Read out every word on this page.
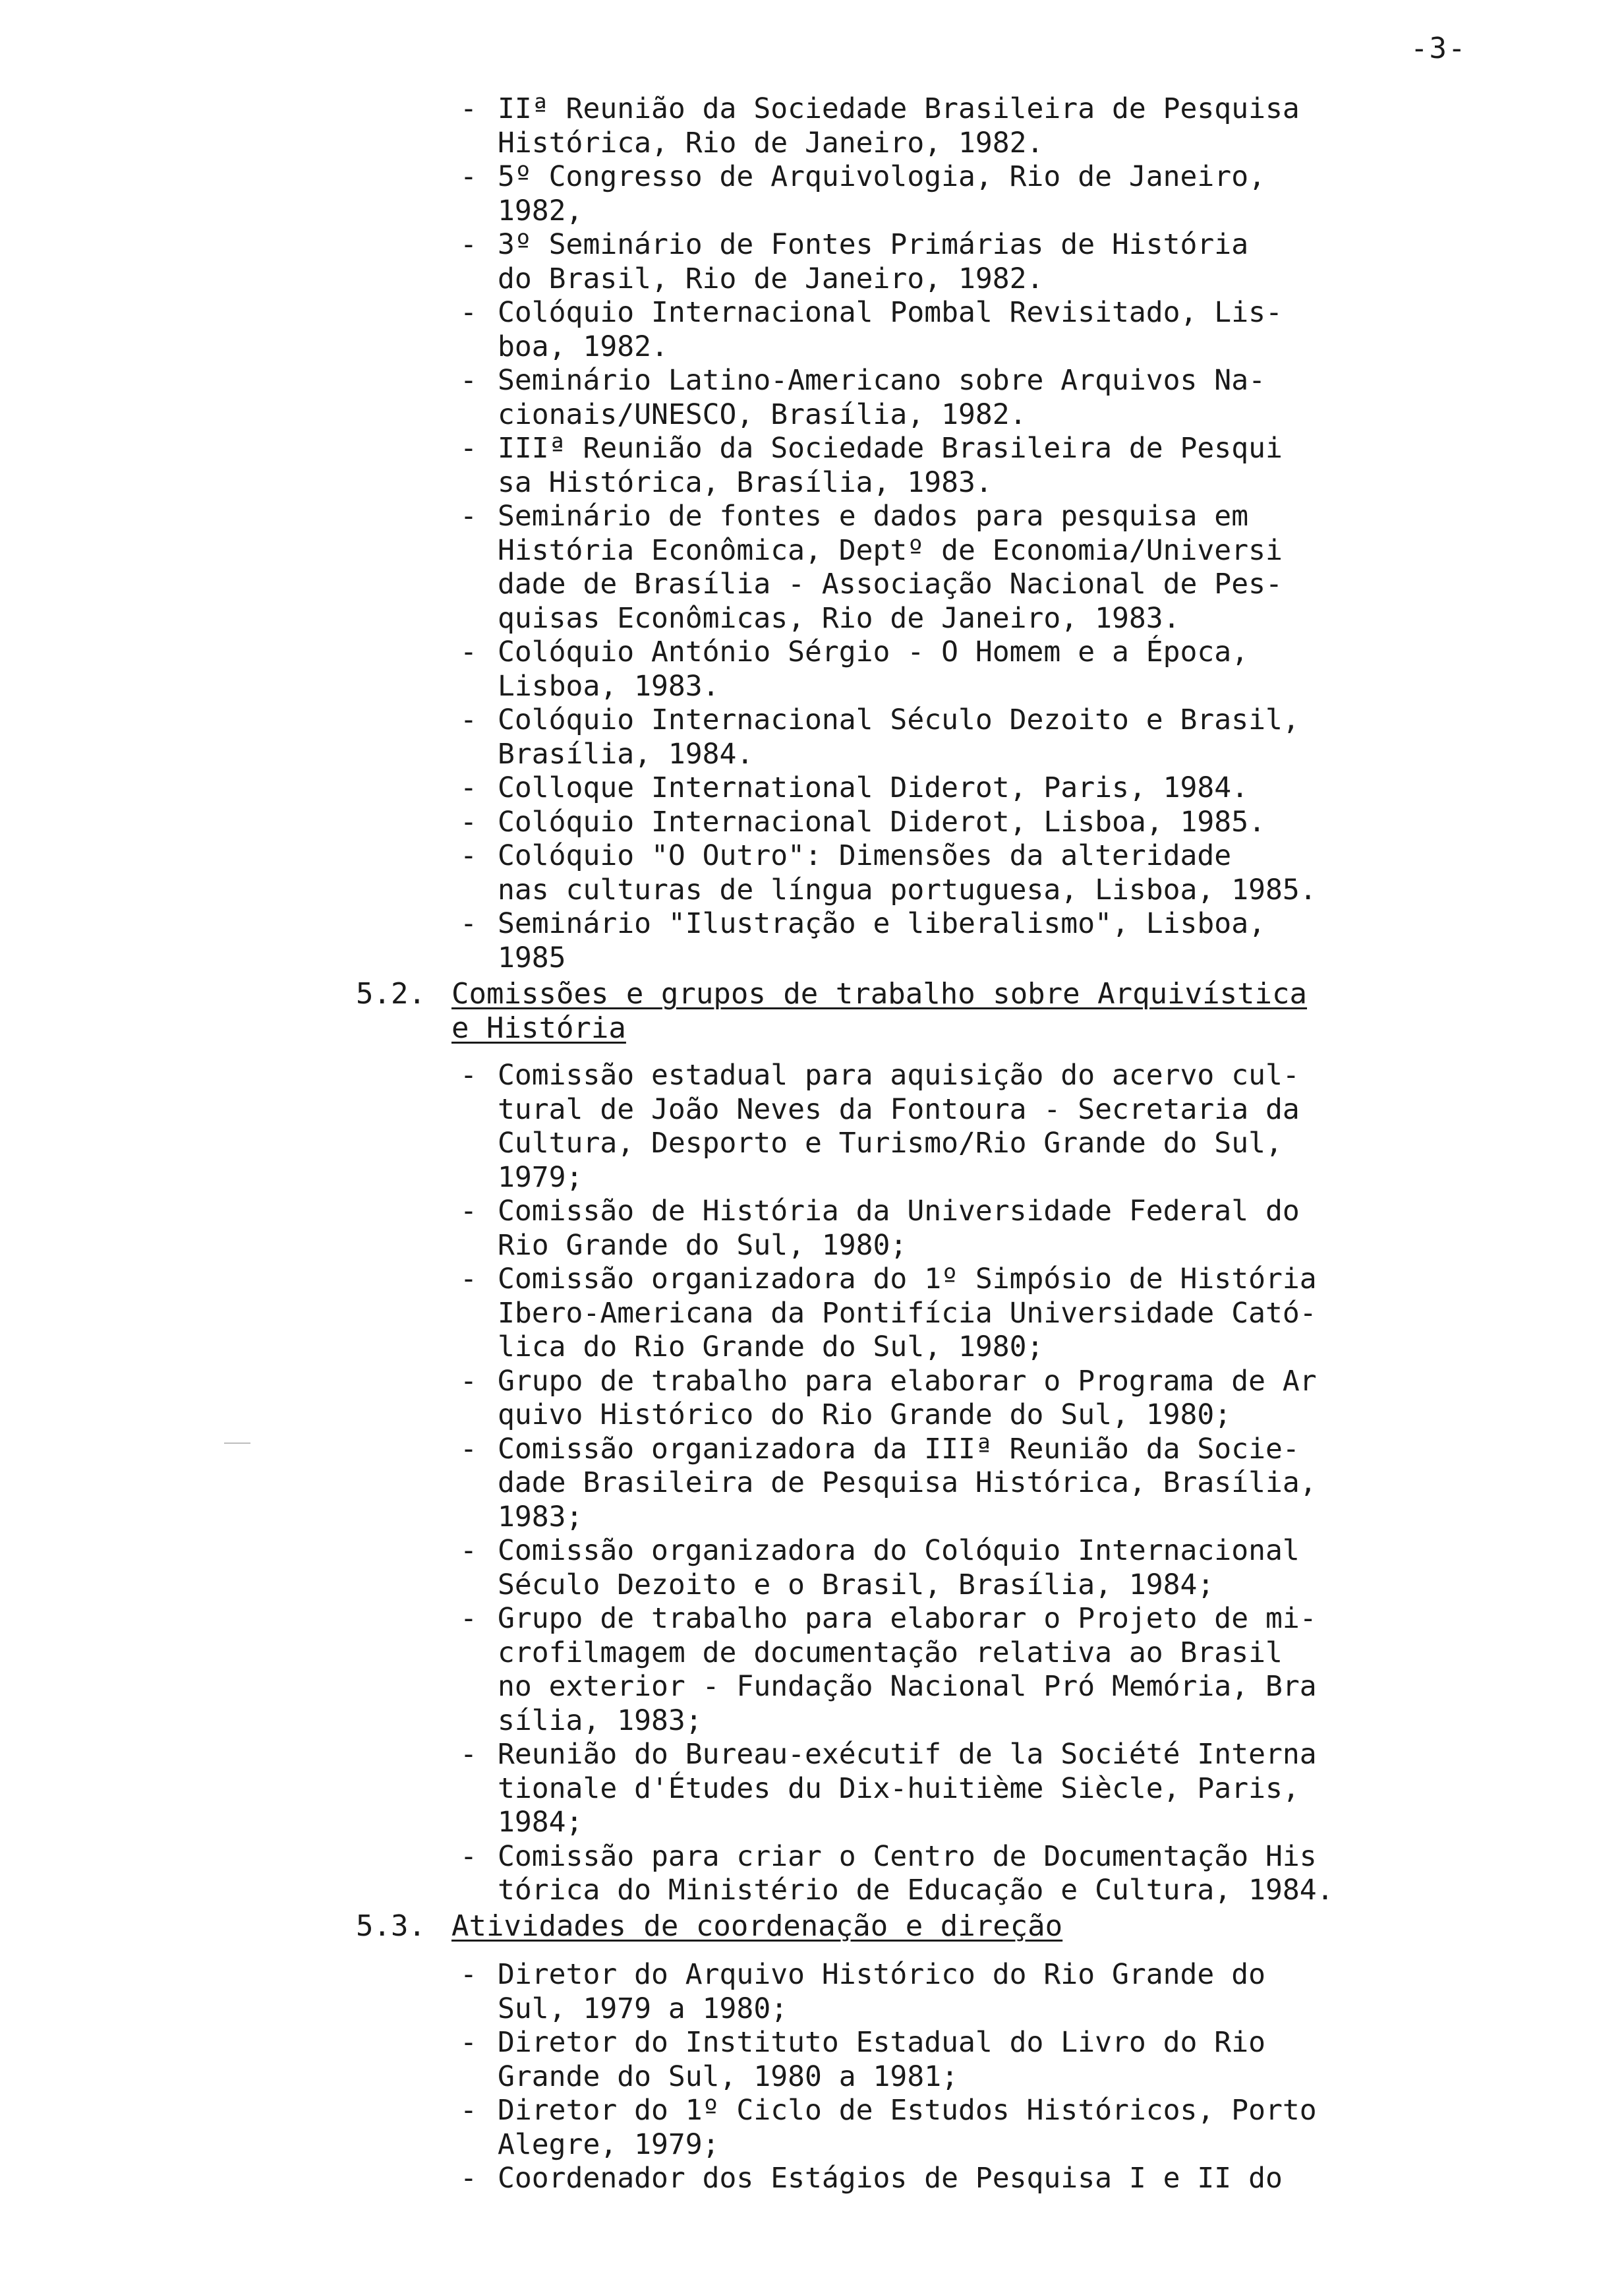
-3-
- IIª Reunião da Sociedade Brasileira de Pesquisa
Histórica, Rio de Janeiro, 1982.
- 5º Congresso de Arquivologia, Rio de Janeiro,
1982,
- 3º Seminário de Fontes Primárias de História
do Brasil, Rio de Janeiro, 1982.
- Colóquio Internacional Pombal Revisitado, Lis-
boa, 1982.
- Seminário Latino-Americano sobre Arquivos Na-
cionais/UNESCO, Brasília, 1982.
- IIIª Reunião da Sociedade Brasileira de Pesqui
sa Histórica, Brasília, 1983.
- Seminário de fontes e dados para pesquisa em
História Econômica, Deptº de Economia/Universi
dade de Brasília - Associação Nacional de Pes-
quisas Econômicas, Rio de Janeiro, 1983.
- Colóquio António Sérgio - O Homem e a Época,
Lisboa, 1983.
- Colóquio Internacional Século Dezoito e Brasil,
Brasília, 1984.
- Colloque International Diderot, Paris, 1984.
- Colóquio Internacional Diderot, Lisboa, 1985.
- Colóquio "O Outro": Dimensões da alteridade
nas culturas de língua portuguesa, Lisboa, 1985.
- Seminário "Ilustração e liberalismo", Lisboa,
1985
5.2. Comissões e grupos de trabalho sobre Arquivística
e História
- Comissão estadual para aquisição do acervo cul-
tural de João Neves da Fontoura - Secretaria da
Cultura, Desporto e Turismo/Rio Grande do Sul,
1979;
- Comissão de História da Universidade Federal do
Rio Grande do Sul, 1980;
- Comissão organizadora do 1º Simpósio de História
Ibero-Americana da Pontifícia Universidade Cató-
lica do Rio Grande do Sul, 1980;
- Grupo de trabalho para elaborar o Programa de Ar
quivo Histórico do Rio Grande do Sul, 1980;
- Comissão organizadora da IIIª Reunião da Socie-
dade Brasileira de Pesquisa Histórica, Brasília,
1983;
- Comissão organizadora do Colóquio Internacional
Século Dezoito e o Brasil, Brasília, 1984;
- Grupo de trabalho para elaborar o Projeto de mi-
crofilmagem de documentação relativa ao Brasil
no exterior - Fundação Nacional Pró Memória, Bra
sília, 1983;
- Reunião do Bureau-exécutif de la Société Interna
tionale d'Études du Dix-huitième Siècle, Paris,
1984;
- Comissão para criar o Centro de Documentação His
tórica do Ministério de Educação e Cultura, 1984.
5.3. Atividades de coordenação e direção
- Diretor do Arquivo Histórico do Rio Grande do
Sul, 1979 a 1980;
- Diretor do Instituto Estadual do Livro do Rio
Grande do Sul, 1980 a 1981;
- Diretor do 1º Ciclo de Estudos Históricos, Porto
Alegre, 1979;
- Coordenador dos Estágios de Pesquisa I e II do
